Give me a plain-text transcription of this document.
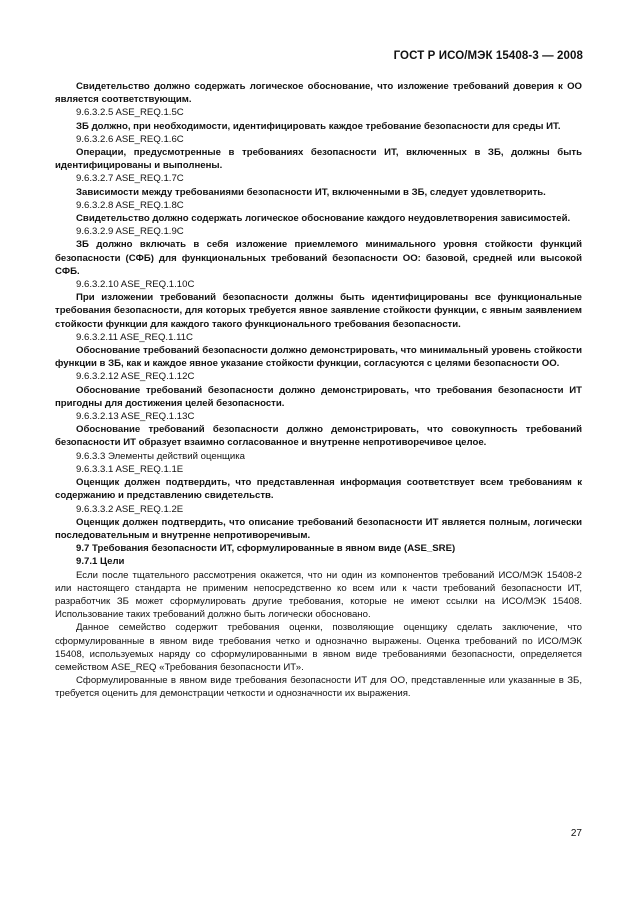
ГОСТ Р ИСО/МЭК 15408-3 — 2008

Свидетельство должно содержать логическое обоснование, что изложение требований доверия к ОО является соответствующим.

9.6.3.2.5 ASE_REQ.1.5C

ЗБ должно, при необходимости, идентифицировать каждое требование безопасности для среды ИТ.

9.6.3.2.6 ASE_REQ.1.6C

Операции, предусмотренные в требованиях безопасности ИТ, включенных в ЗБ, должны быть идентифицированы и выполнены.

9.6.3.2.7 ASE_REQ.1.7C

Зависимости между требованиями безопасности ИТ, включенными в ЗБ, следует удовлетворить.

9.6.3.2.8 ASE_REQ.1.8C

Свидетельство должно содержать логическое обоснование каждого неудовлетворения зависимостей.

9.6.3.2.9 ASE_REQ.1.9C

ЗБ должно включать в себя изложение приемлемого минимального уровня стойкости функций безопасности (СФБ) для функциональных требований безопасности ОО: базовой, средней или высокой СФБ.

9.6.3.2.10 ASE_REQ.1.10C

При изложении требований безопасности должны быть идентифицированы все функциональные требования безопасности, для которых требуется явное заявление стойкости функции, с явным заявлением стойкости функции для каждого такого функционального требования безопасности.

9.6.3.2.11 ASE_REQ.1.11C

Обоснование требований безопасности должно демонстрировать, что минимальный уровень стойкости функции в ЗБ, как и каждое явное указание стойкости функции, согласуются с целями безопасности ОО.

9.6.3.2.12 ASE_REQ.1.12C

Обоснование требований безопасности должно демонстрировать, что требования безопасности ИТ пригодны для достижения целей безопасности.

9.6.3.2.13 ASE_REQ.1.13C

Обоснование требований безопасности должно демонстрировать, что совокупность требований безопасности ИТ образует взаимно согласованное и внутренне непротиворечивое целое.

9.6.3.3 Элементы действий оценщика

9.6.3.3.1 ASE_REQ.1.1E

Оценщик должен подтвердить, что представленная информация соответствует всем требованиям к содержанию и представлению свидетельств.

9.6.3.3.2 ASE_REQ.1.2E

Оценщик должен подтвердить, что описание требований безопасности ИТ является полным, логически последовательным и внутренне непротиворечивым.

9.7 Требования безопасности ИТ, сформулированные в явном виде (ASE_SRE)

9.7.1 Цели

Если после тщательного рассмотрения окажется, что ни один из компонентов требований ИСО/МЭК 15408-2 или настоящего стандарта не применим непосредственно ко всем или к части требований безопасности ИТ, разработчик ЗБ может сформулировать другие требования, которые не имеют ссылки на ИСО/МЭК 15408. Использование таких требований должно быть логически обосновано.

Данное семейство содержит требования оценки, позволяющие оценщику сделать заключение, что сформулированные в явном виде требования четко и однозначно выражены. Оценка требований по ИСО/МЭК 15408, используемых наряду со сформулированными в явном виде требованиями безопасности, определяется семейством ASE_REQ «Требования безопасности ИТ».

Сформулированные в явном виде требования безопасности ИТ для ОО, представленные или указанные в ЗБ, требуется оценить для демонстрации четкости и однозначности их выражения.

27
